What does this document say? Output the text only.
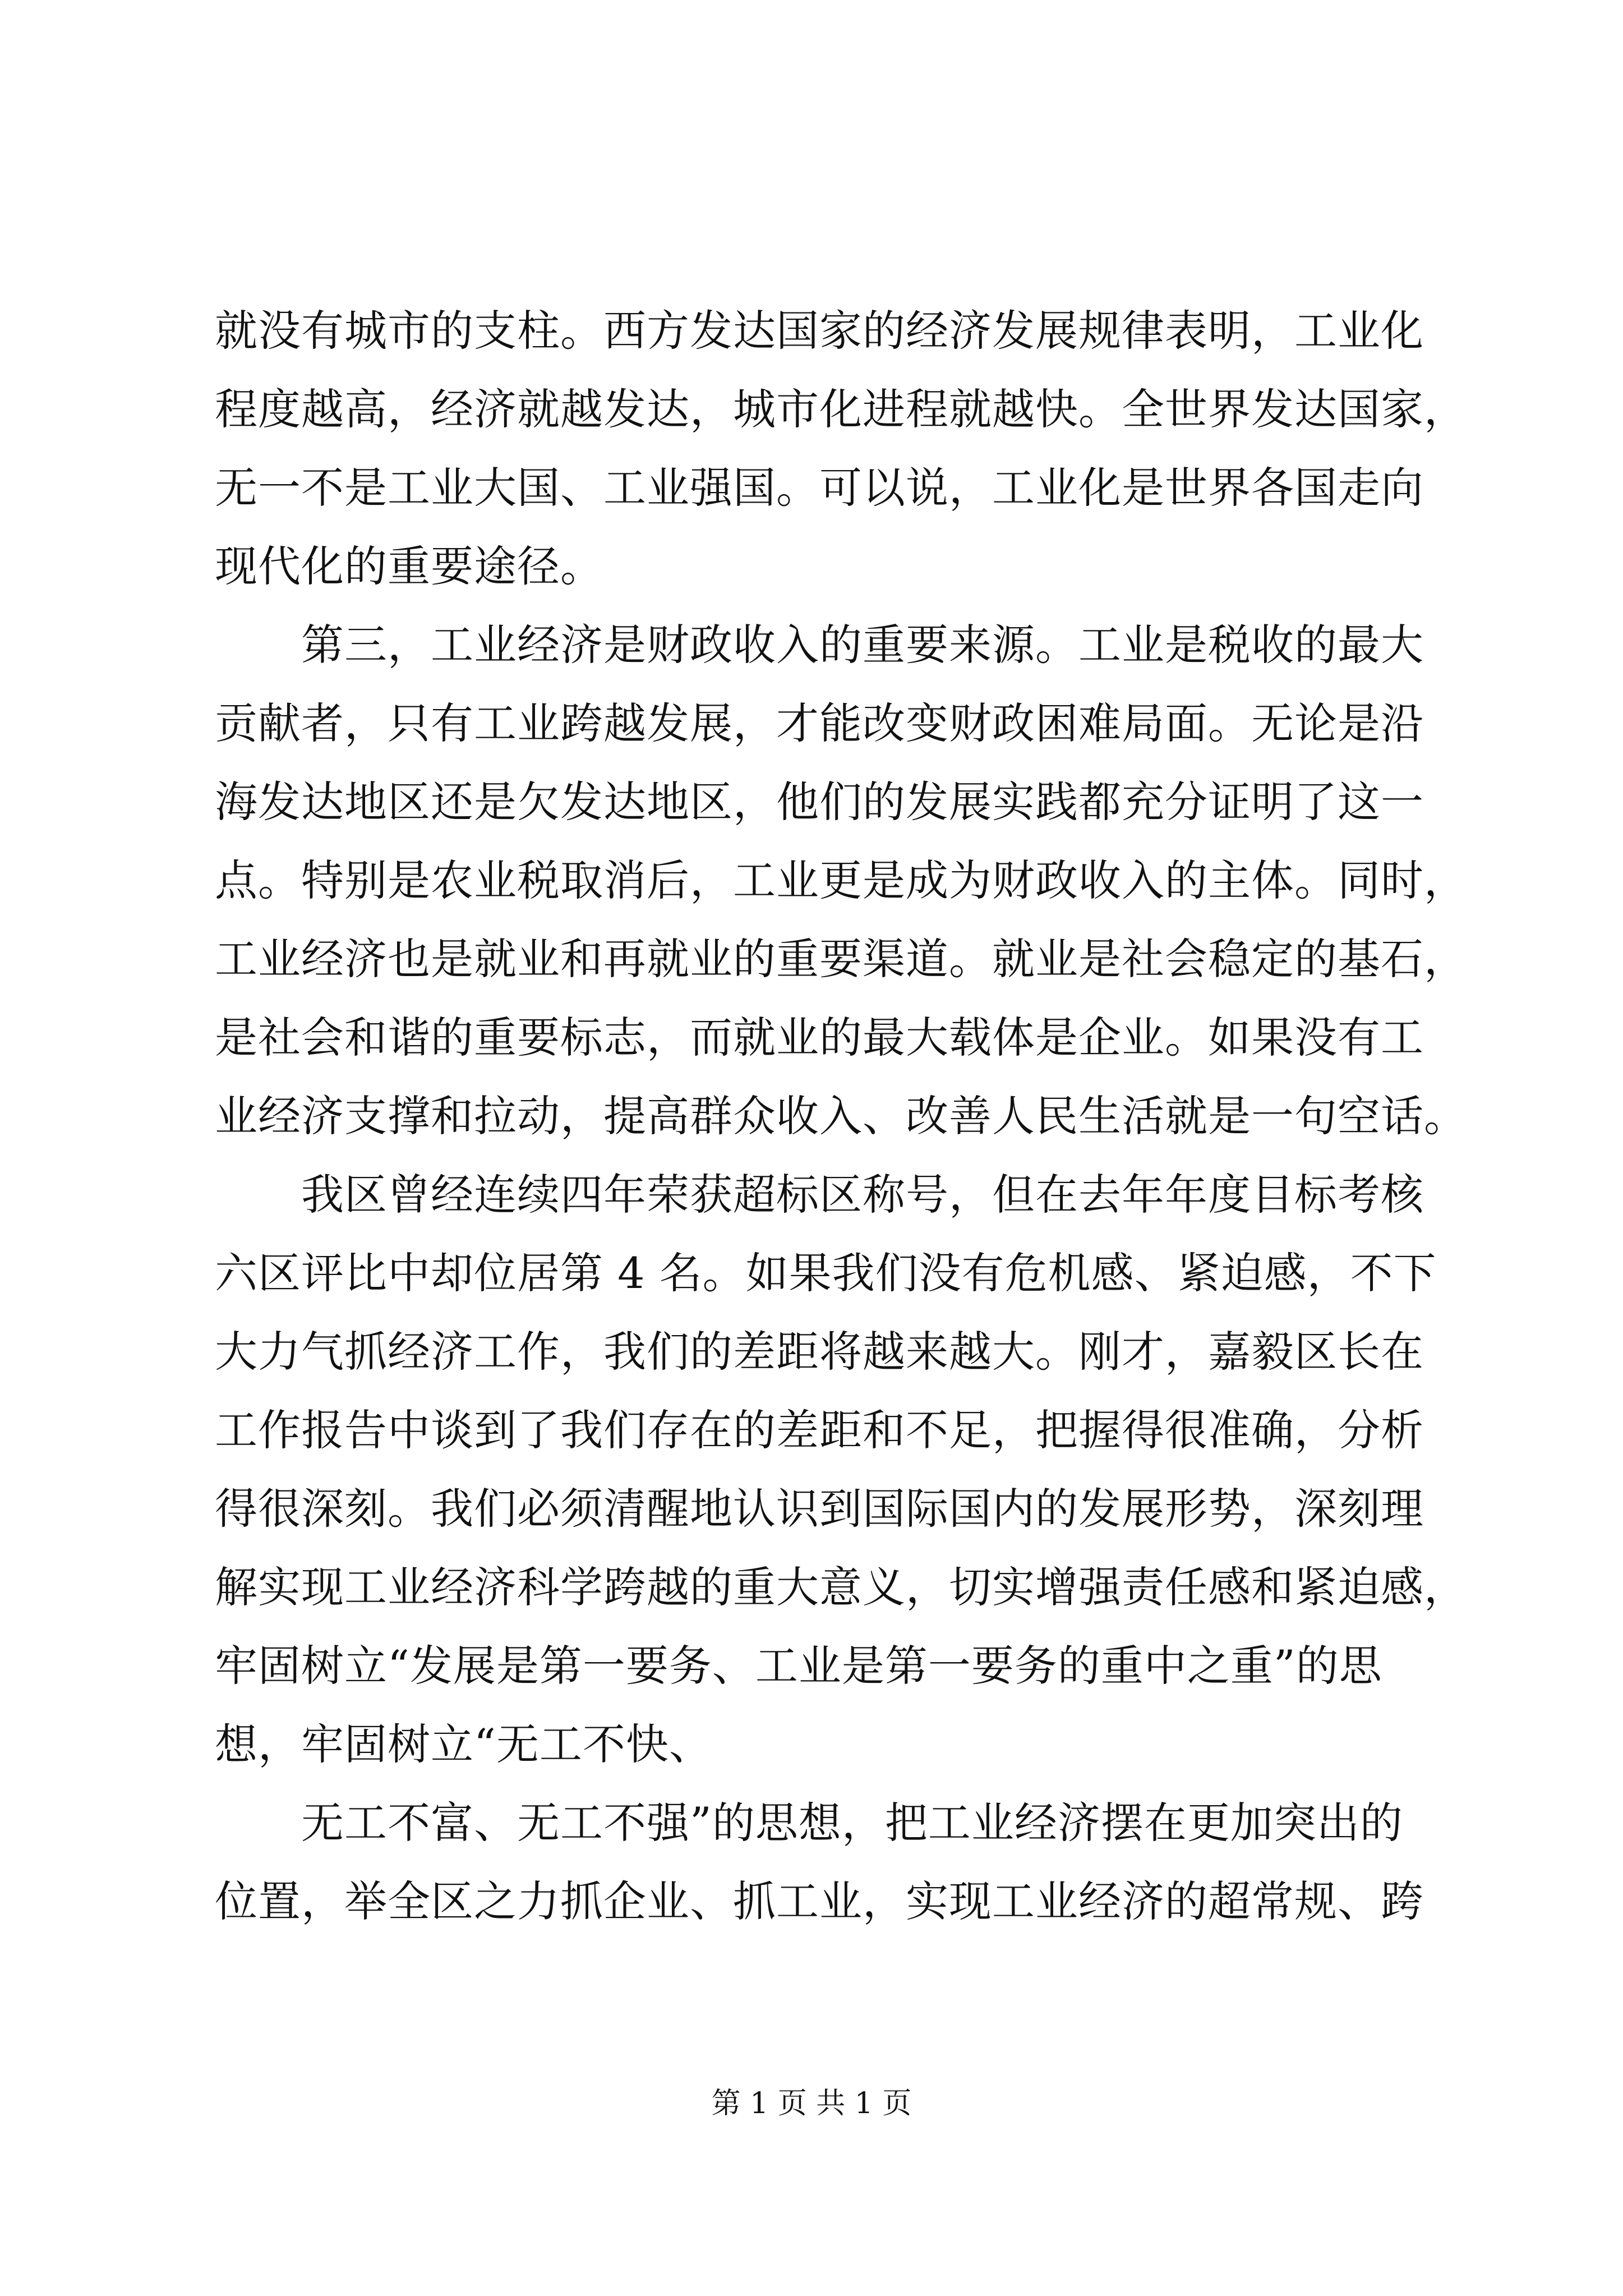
就没有城市的支柱。西方发达国家的经济发展规律表明，工业化
程度越高，经济就越发达，城市化进程就越快。全世界发达国家，
无一不是工业大国、工业强国。可以说，工业化是世界各国走向
现代化的重要途径。
　　第三，工业经济是财政收入的重要来源。工业是税收的最大
贡献者，只有工业跨越发展，才能改变财政困难局面。无论是沿
海发达地区还是欠发达地区，他们的发展实践都充分证明了这一
点。特别是农业税取消后，工业更是成为财政收入的主体。同时，
工业经济也是就业和再就业的重要渠道。就业是社会稳定的基石，
是社会和谐的重要标志，而就业的最大载体是企业。如果没有工
业经济支撑和拉动，提高群众收入、改善人民生活就是一句空话。
　　我区曾经连续四年荣获超标区称号，但在去年年度目标考核
六区评比中却位居第 4 名。如果我们没有危机感、紧迫感，不下
大力气抓经济工作，我们的差距将越来越大。刚才，嘉毅区长在
工作报告中谈到了我们存在的差距和不足，把握得很准确，分析
得很深刻。我们必须清醒地认识到国际国内的发展形势，深刻理
解实现工业经济科学跨越的重大意义，切实增强责任感和紧迫感，
牢固树立“发展是第一要务、工业是第一要务的重中之重”的思
想，牢固树立“无工不快、
　　无工不富、无工不强”的思想，把工业经济摆在更加突出的
位置，举全区之力抓企业、抓工业，实现工业经济的超常规、跨
第 1 页 共 1 页
